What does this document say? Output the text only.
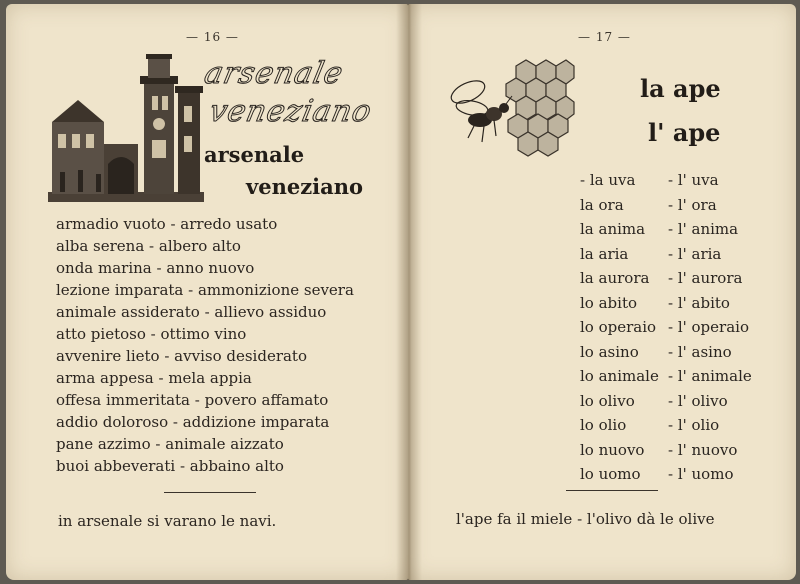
— 16 —
arsenale
veneziano
arsenale
veneziano
armadio vuoto - arredo usato
alba serena - albero alto
onda marina - anno nuovo
lezione imparata - ammonizione severa
animale assiderato - allievo assiduo
atto pietoso - ottimo vino
avvenire lieto - avviso desiderato
arma appesa - mela appia
offesa immeritata - povero affamato
addio doloroso - addizione imparata
pane azzimo - animale aizzato
buoi abbeverati - abbaino alto
in arsenale si varano le navi.
— 17 —
la ape
l' ape
- la uva - l' uva
la ora	- l' ora
la anima - l' anima
la aria	- l' aria
la aurora - l' aurora
lo abito - l' abito
lo operaio - l' operaio
lo asino - l' asino
lo animale - l' animale
lo olivo - l' olivo
lo olio	- l' olio
lo nuovo - l' nuovo
lo uomo - l' uomo
l'ape fa il miele - l'olivo dà le olive
